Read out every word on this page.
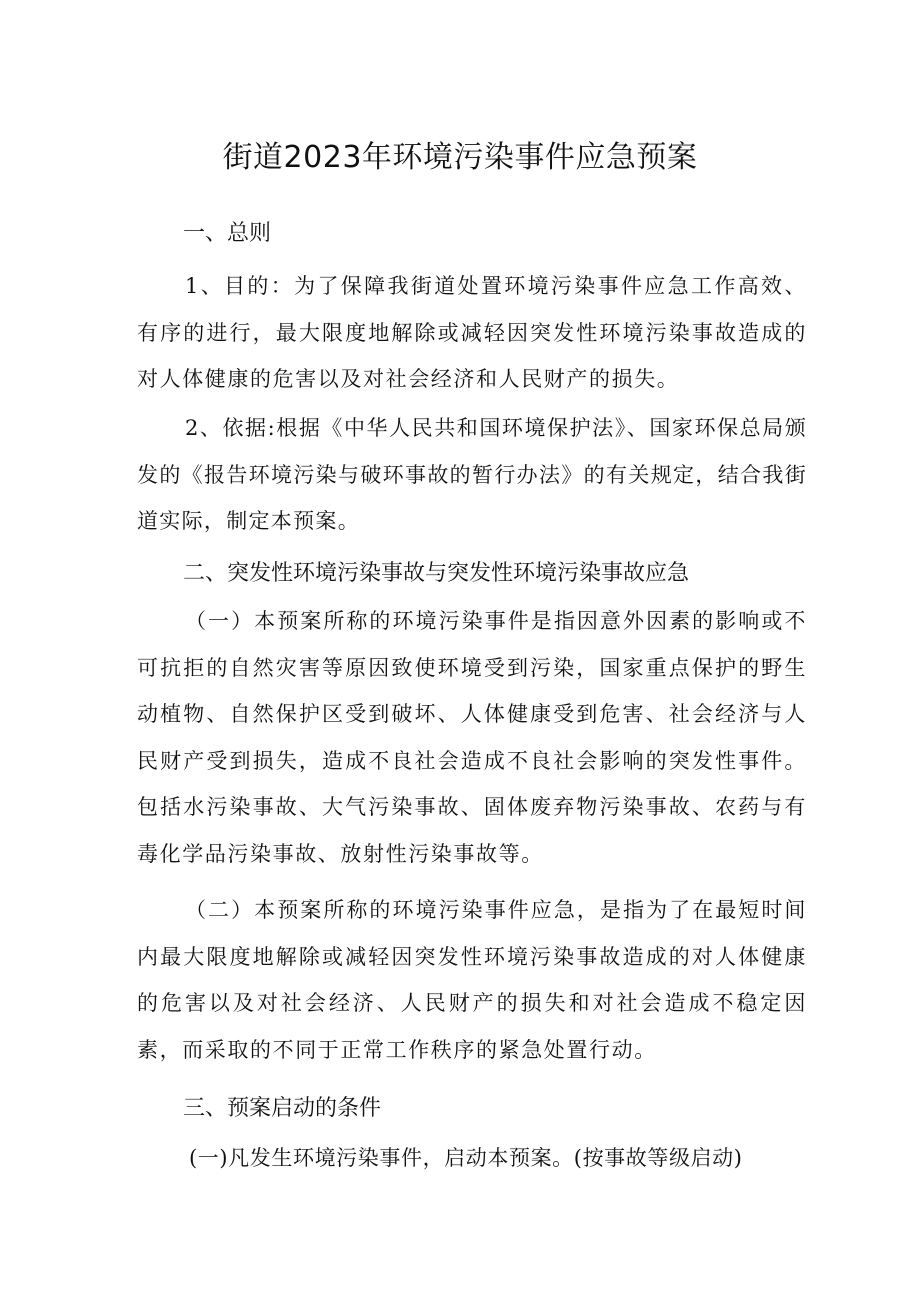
街道2023年环境污染事件应急预案
一、总则

1、目的：为了保障我街道处置环境污染事件应急工作高效、有序的进行，最大限度地解除或减轻因突发性环境污染事故造成的对人体健康的危害以及对社会经济和人民财产的损失。

2、依据:根据《中华人民共和国环境保护法》、国家环保总局颁发的《报告环境污染与破环事故的暂行办法》的有关规定，结合我街道实际，制定本预案。

二、突发性环境污染事故与突发性环境污染事故应急

（一）本预案所称的环境污染事件是指因意外因素的影响或不可抗拒的自然灾害等原因致使环境受到污染，国家重点保护的野生动植物、自然保护区受到破坏、人体健康受到危害、社会经济与人民财产受到损失，造成不良社会造成不良社会影响的突发性事件。包括水污染事故、大气污染事故、固体废弃物污染事故、农药与有毒化学品污染事故、放射性污染事故等。

（二）本预案所称的环境污染事件应急，是指为了在最短时间内最大限度地解除或减轻因突发性环境污染事故造成的对人体健康的危害以及对社会经济、人民财产的损失和对社会造成不稳定因素，而采取的不同于正常工作秩序的紧急处置行动。

三、预案启动的条件

(一)凡发生环境污染事件，启动本预案。(按事故等级启动)
